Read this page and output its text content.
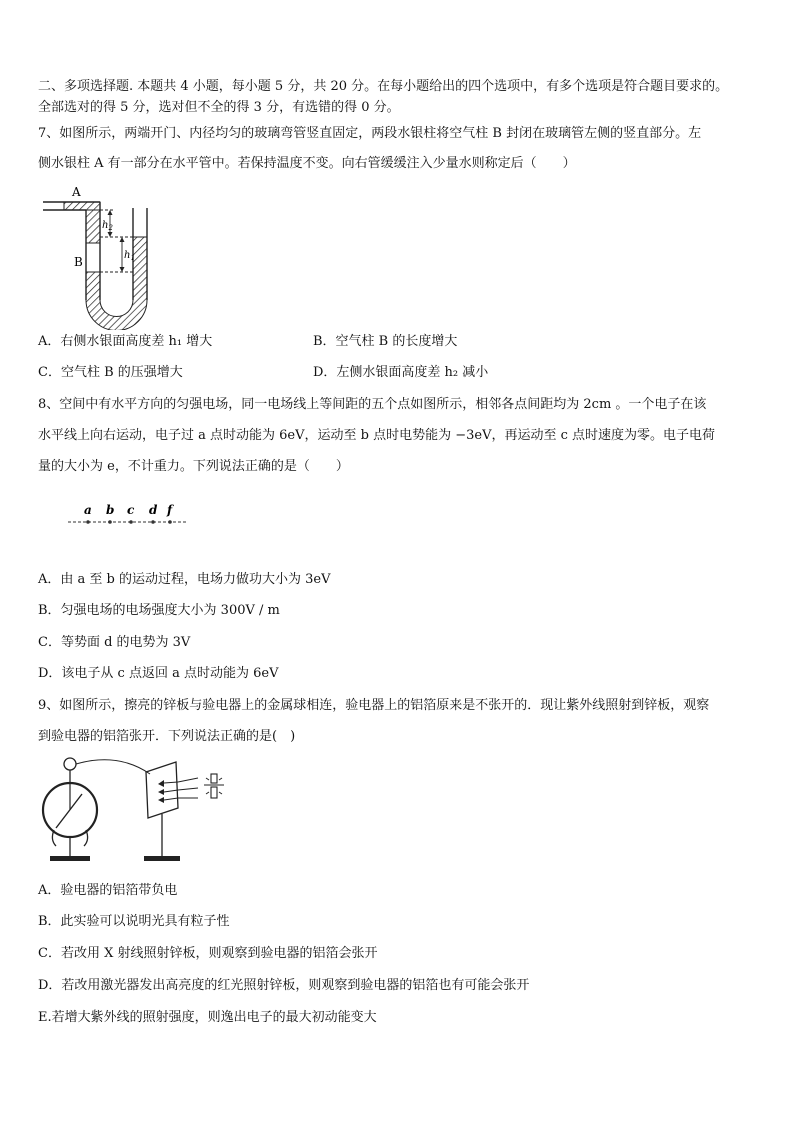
二、多项选择题. 本题共 4 小题，每小题 5 分，共 20 分。在每小题给出的四个选项中，有多个选项是符合题目要求的。
全部选对的得 5 分，选对但不全的得 3 分，有选错的得 0 分。
7、如图所示，两端开门、内径均匀的玻璃弯管竖直固定，两段水银柱将空气柱 B 封闭在玻璃管左侧的竖直部分。左
侧水银柱 A 有一部分在水平管中。若保持温度不变。向右管缓缓注入少量水则称定后（　　）
A
B
$h_2$
$h_1$
A．右侧水银面高度差 h₁ 增大	B．空气柱 B 的长度增大
C．空气柱 B 的压强增大	D．左侧水银面高度差 h₂ 减小
8、空间中有水平方向的匀强电场，同一电场线上等间距的五个点如图所示，相邻各点间距均为 2cm 。一个电子在该
水平线上向右运动，电子过 a 点时动能为 6eV，运动至 b 点时电势能为 −3eV，再运动至 c 点时速度为零。电子电荷
量的大小为 e，不计重力。下列说法正确的是（　　）
a b c d f
A．由 a 至 b 的运动过程，电场力做功大小为 3eV
B．匀强电场的电场强度大小为 300V / m
C．等势面 d 的电势为 3V
D．该电子从 c 点返回 a 点时动能为 6eV
9、如图所示，擦亮的锌板与验电器上的金属球相连，验电器上的铝箔原来是不张开的．现让紫外线照射到锌板，观察
到验电器的铝箔张开．下列说法正确的是(　)
A．验电器的铝箔带负电
B．此实验可以说明光具有粒子性
C．若改用 X 射线照射锌板，则观察到验电器的铝箔会张开
D．若改用激光器发出高亮度的红光照射锌板，则观察到验电器的铝箔也有可能会张开
E.若增大紫外线的照射强度，则逸出电子的最大初动能变大
